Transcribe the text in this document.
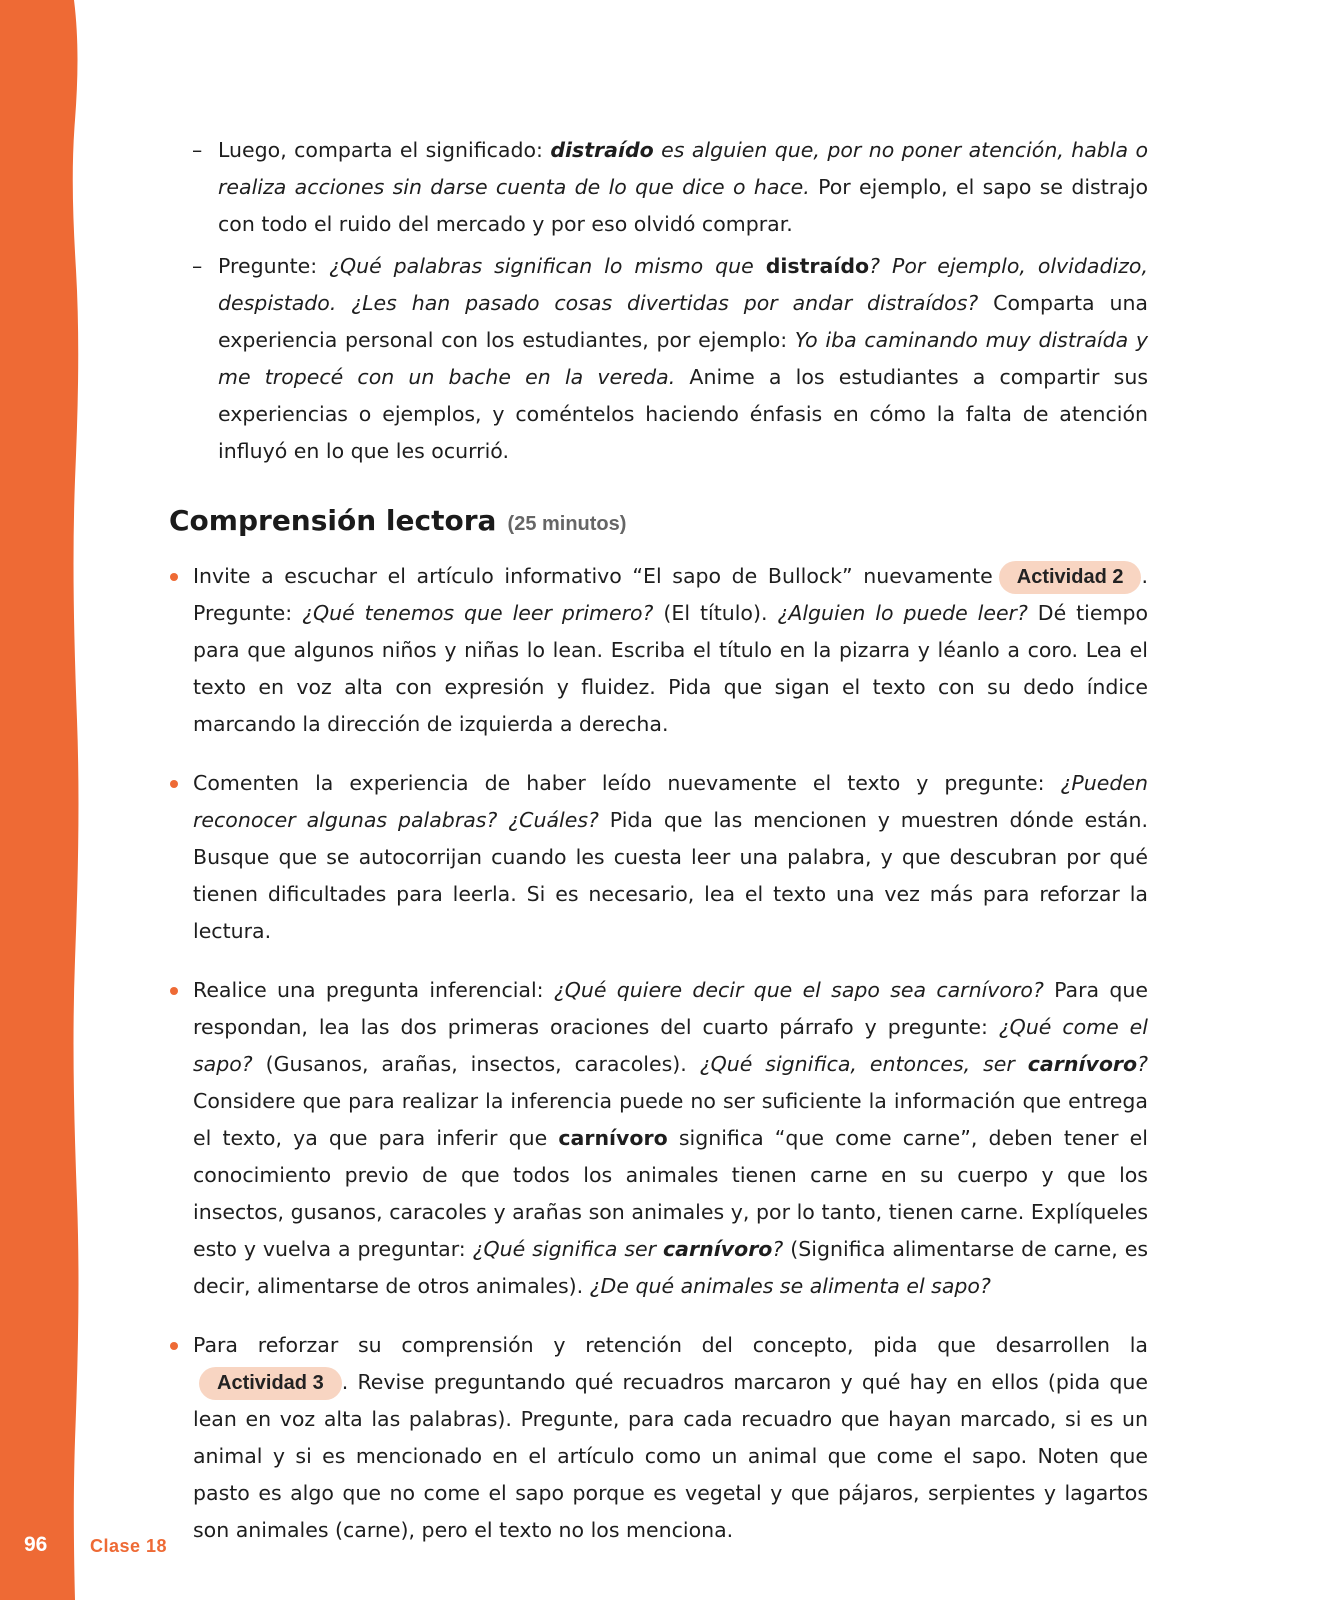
96 Clase 18
– Luego, comparta el significado: distraído es alguien que, por no poner atención, habla o realiza acciones sin darse cuenta de lo que dice o hace. Por ejemplo, el sapo se distrajo con todo el ruido del mercado y por eso olvidó comprar.
– Pregunte: ¿Qué palabras significan lo mismo que distraído? Por ejemplo, olvidadizo, despistado. ¿Les han pasado cosas divertidas por andar distraídos? Comparta una experiencia personal con los estudiantes, por ejemplo: Yo iba caminando muy distraída y me tropecé con un bache en la vereda. Anime a los estudiantes a compartir sus experiencias o ejemplos, y coméntelos haciendo énfasis en cómo la falta de atención influyó en lo que les ocurrió.
Comprensión lectora (25 minutos)
Invite a escuchar el artículo informativo “El sapo de Bullock” nuevamente Actividad 2 . Pregunte: ¿Qué tenemos que leer primero? (El título). ¿Alguien lo puede leer? Dé tiempo para que algunos niños y niñas lo lean. Escriba el título en la pizarra y léanlo a coro. Lea el texto en voz alta con expresión y fluidez. Pida que sigan el texto con su dedo índice marcando la dirección de izquierda a derecha.
Comenten la experiencia de haber leído nuevamente el texto y pregunte: ¿Pueden reconocer algunas palabras? ¿Cuáles? Pida que las mencionen y muestren dónde están. Busque que se autocorrijan cuando les cuesta leer una palabra, y que descubran por qué tienen dificultades para leerla. Si es necesario, lea el texto una vez más para reforzar la lectura.
Realice una pregunta inferencial: ¿Qué quiere decir que el sapo sea carnívoro? Para que respondan, lea las dos primeras oraciones del cuarto párrafo y pregunte: ¿Qué come el sapo? (Gusanos, arañas, insectos, caracoles). ¿Qué significa, entonces, ser carnívoro? Considere que para realizar la inferencia puede no ser suficiente la información que entrega el texto, ya que para inferir que carnívoro significa “que come carne”, deben tener el conocimiento previo de que todos los animales tienen carne en su cuerpo y que los insectos, gusanos, caracoles y arañas son animales y, por lo tanto, tienen carne. Explíqueles esto y vuelva a preguntar: ¿Qué significa ser carnívoro? (Significa alimentarse de carne, es decir, alimentarse de otros animales). ¿De qué animales se alimenta el sapo?
Para reforzar su comprensión y retención del concepto, pida que desarrollen laActividad 3 . Revise preguntando qué recuadros marcaron y qué hay en ellos (pida que lean en voz alta las palabras). Pregunte, para cada recuadro que hayan marcado, si es un animal y si es mencionado en el artículo como un animal que come el sapo. Noten que pasto es algo que no come el sapo porque es vegetal y que pájaros, serpientes y lagartos son animales (carne), pero el texto no los menciona.
